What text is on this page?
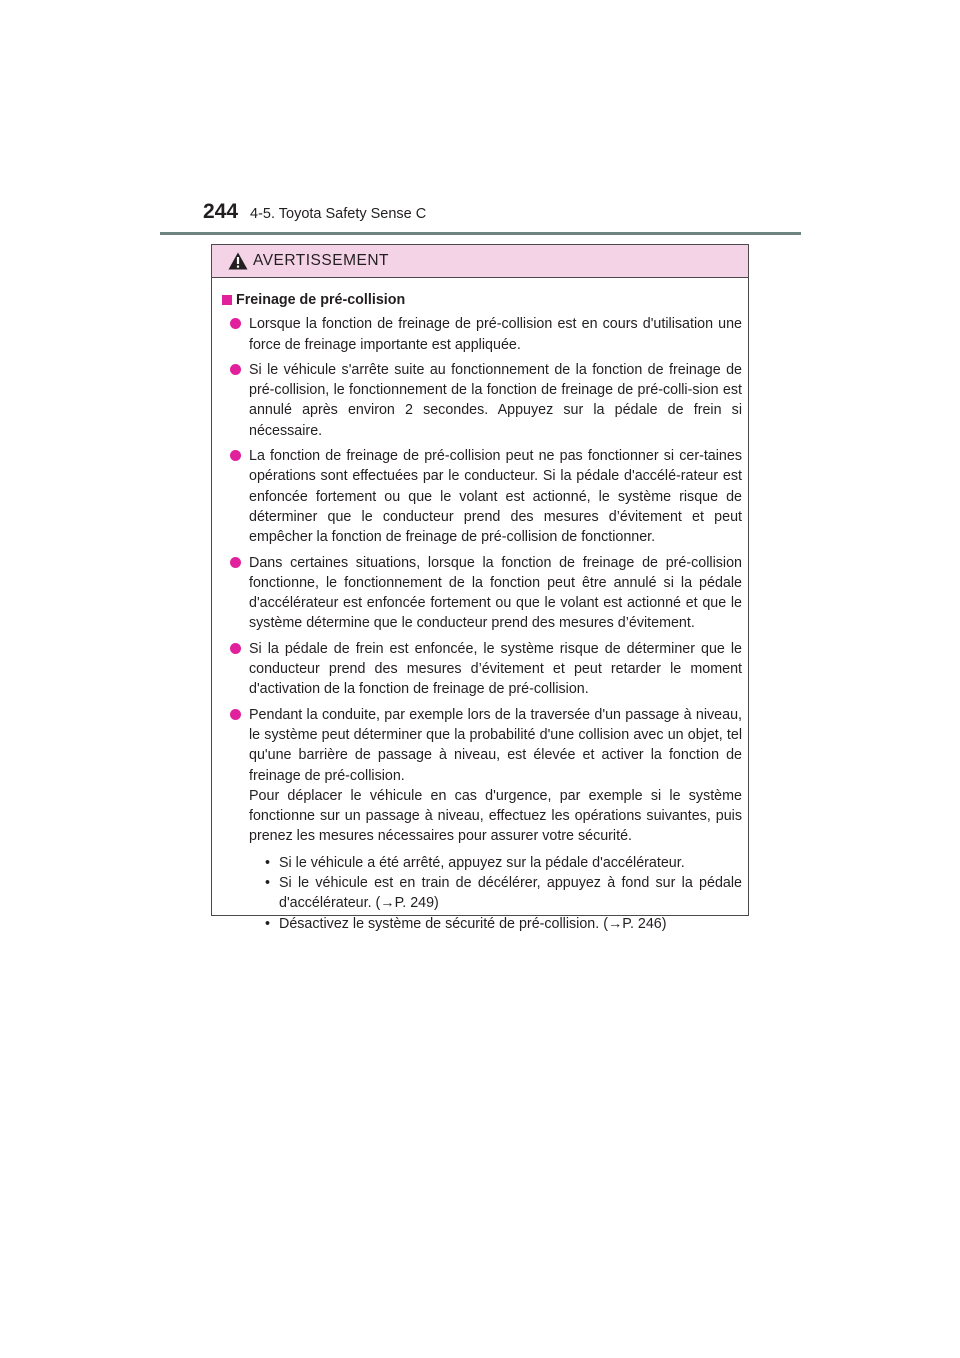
244 4-5. Toyota Safety Sense C
AVERTISSEMENT
Freinage de pré-collision
Lorsque la fonction de freinage de pré-collision est en cours d'utilisation une force de freinage importante est appliquée.
Si le véhicule s'arrête suite au fonctionnement de la fonction de freinage de pré-collision, le fonctionnement de la fonction de freinage de pré-colli-sion est annulé après environ 2 secondes. Appuyez sur la pédale de frein si nécessaire.
La fonction de freinage de pré-collision peut ne pas fonctionner si cer-taines opérations sont effectuées par le conducteur. Si la pédale d'accélé-rateur est enfoncée fortement ou que le volant est actionné, le système risque de déterminer que le conducteur prend des mesures d’évitement et peut empêcher la fonction de freinage de pré-collision de fonctionner.
Dans certaines situations, lorsque la fonction de freinage de pré-collision fonctionne, le fonctionnement de la fonction peut être annulé si la pédale d'accélérateur est enfoncée fortement ou que le volant est actionné et que le système détermine que le conducteur prend des mesures d’évitement.
Si la pédale de frein est enfoncée, le système risque de déterminer que le conducteur prend des mesures d’évitement et peut retarder le moment d'activation de la fonction de freinage de pré-collision.

Pendant la conduite, par exemple lors de la traversée d'un passage à niveau, le système peut déterminer que la probabilité d'une collision avec un objet, tel qu'une barrière de passage à niveau, est élevée et activer la fonction de freinage de pré-collision.

Pour déplacer le véhicule en cas d'urgence, par exemple si le système fonctionne sur un passage à niveau, effectuez les opérations suivantes, puis prenez les mesures nécessaires pour assurer votre sécurité.

• Si le véhicule a été arrêté, appuyez sur la pédale d'accélérateur.
• Si le véhicule est en train de décélérer, appuyez à fond sur la pédale d'accélérateur. (→P. 249)
• Désactivez le système de sécurité de pré-collision. (→P. 246)
